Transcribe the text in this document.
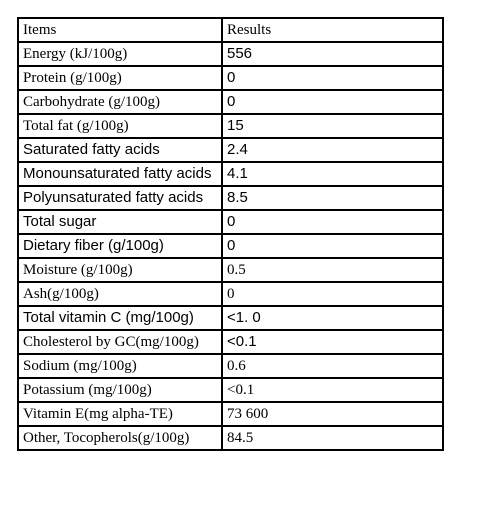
Items	Results
Energy (kJ/100g)	556
Protein (g/100g)	0
Carbohydrate (g/100g)	0
Total fat (g/100g)	15
Saturated fatty acids	2.4
Monounsaturated fatty acids	4.1
Polyunsaturated fatty acids	8.5
Total sugar	0
Dietary fiber (g/100g)	0
Moisture (g/100g)	0.5
Ash(g/100g)	0
Total vitamin C (mg/100g)	<1. 0
Cholesterol by GC(mg/100g)	<0.1
Sodium (mg/100g)	0.6
Potassium (mg/100g)	<0.1
Vitamin E(mg alpha-TE)	73 600
Other, Tocopherols(g/100g)	84.5
